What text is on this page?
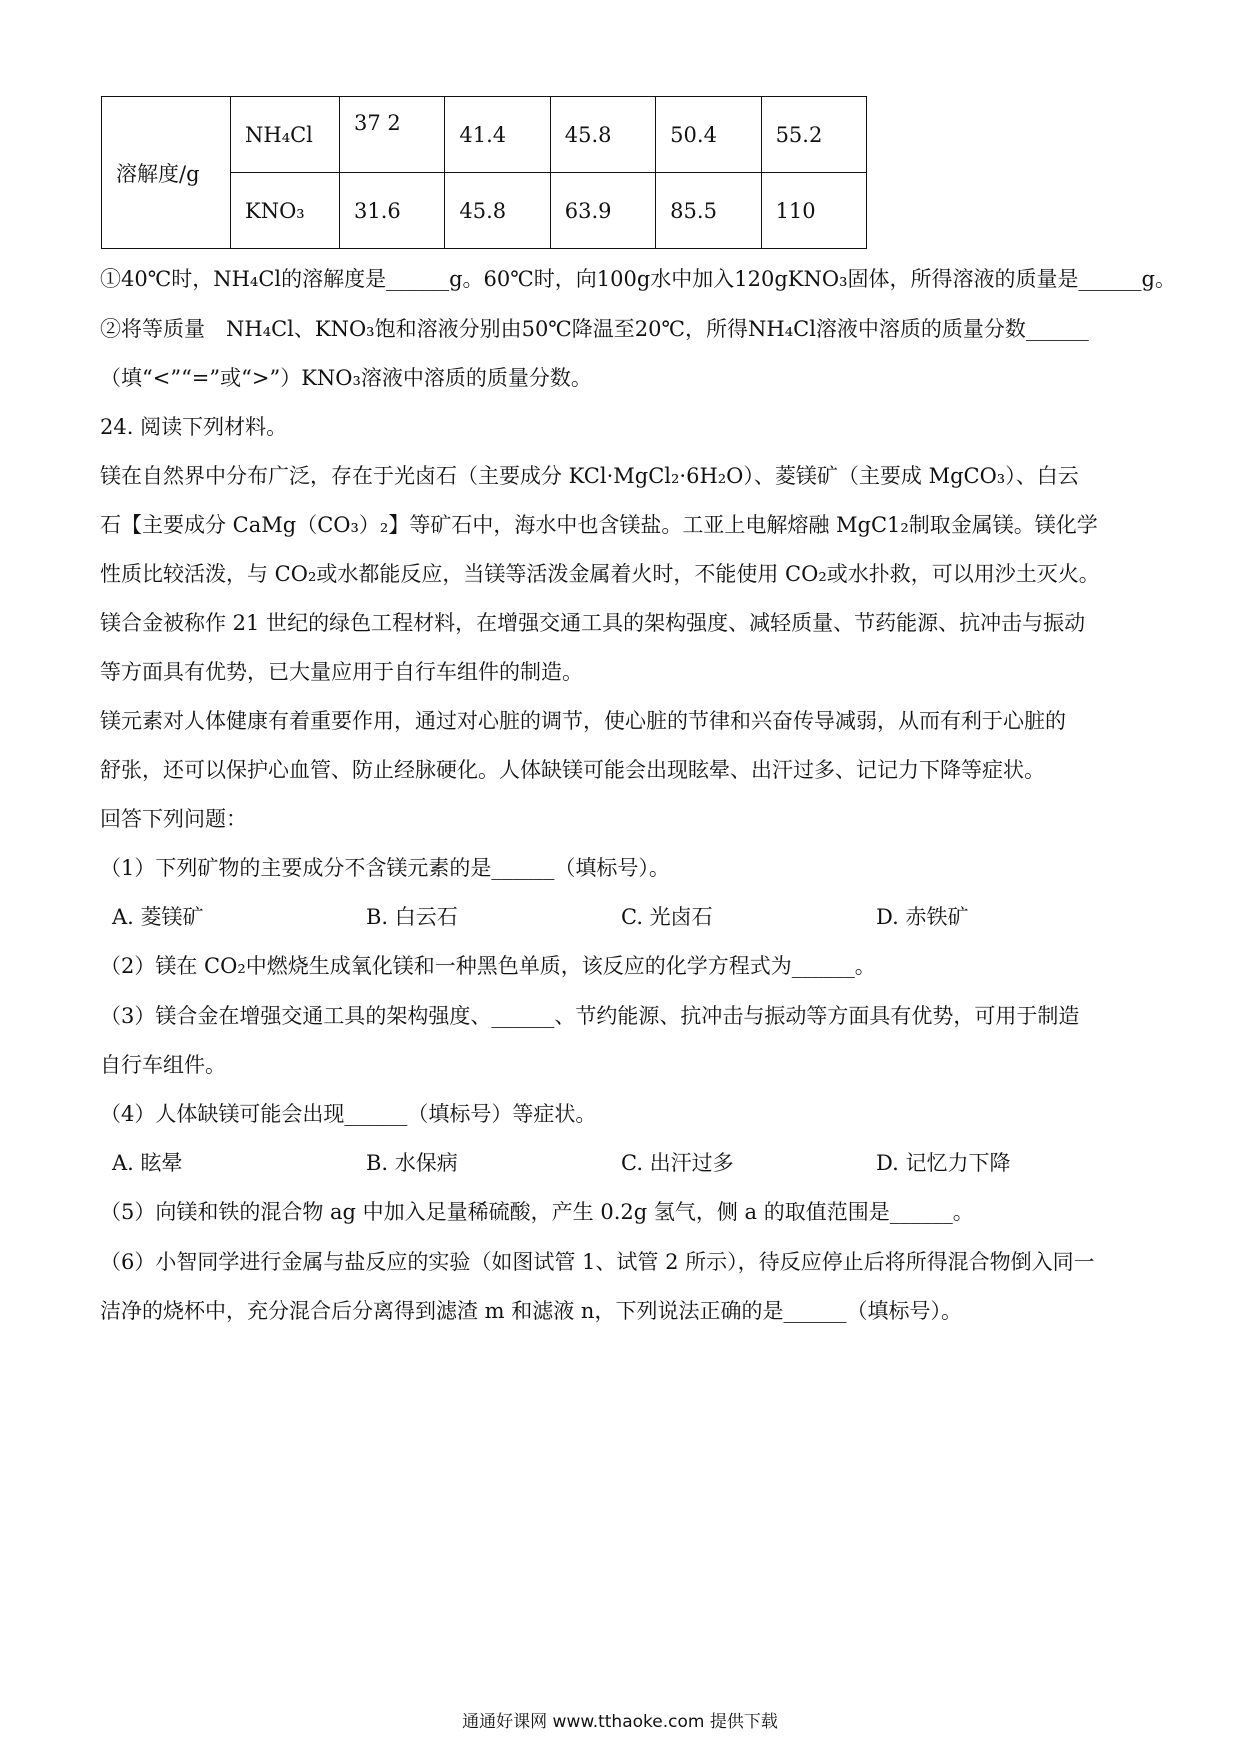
溶解度/g	NH₄Cl	37 2	41.4	45.8	50.4	55.2
	KNO₃	31.6	45.8	63.9	85.5	110
①40℃时，NH₄Cl的溶解度是______g。60℃时，向100g水中加入120gKNO₃固体，所得溶液的质量是______g。
②将等质量　NH₄Cl、KNO₃饱和溶液分别由50℃降温至20℃，所得NH₄Cl溶液中溶质的质量分数______
（填“<”“=”或“>”）KNO₃溶液中溶质的质量分数。
24. 阅读下列材料。
镁在自然界中分布广泛，存在于光卤石（主要成分 KCl·MgCl₂·6H₂O）、菱镁矿（主要成 MgCO₃）、白云
石【主要成分 CaMg（CO₃）₂】等矿石中，海水中也含镁盐。工亚上电解熔融 MgC1₂制取金属镁。镁化学
性质比较活泼，与 CO₂或水都能反应，当镁等活泼金属着火时，不能使用 CO₂或水扑救，可以用沙土灭火。
镁合金被称作 21 世纪的绿色工程材料，在增强交通工具的架构强度、减轻质量、节药能源、抗冲击与振动
等方面具有优势，已大量应用于自行车组件的制造。
镁元素对人体健康有着重要作用，通过对心脏的调节，使心脏的节律和兴奋传导减弱，从而有利于心脏的
舒张，还可以保护心血管、防止经脉硬化。人体缺镁可能会出现眩晕、出汗过多、记记力下降等症状。
回答下列问题：
（1）下列矿物的主要成分不含镁元素的是______（填标号）。
A. 菱镁矿	B. 白云石	C. 光卤石	D. 赤铁矿
（2）镁在 CO₂中燃烧生成氧化镁和一种黑色单质，该反应的化学方程式为______。
（3）镁合金在增强交通工具的架构强度、______、节约能源、抗冲击与振动等方面具有优势，可用于制造
自行车组件。
（4）人体缺镁可能会出现______（填标号）等症状。
A. 眩晕	B. 水保病	C. 出汗过多	D. 记忆力下降
（5）向镁和铁的混合物 ag 中加入足量稀硫酸，产生 0.2g 氢气，侧 a 的取值范围是______。
（6）小智同学进行金属与盐反应的实验（如图试管 1、试管 2 所示），待反应停止后将所得混合物倒入同一
洁净的烧杯中，充分混合后分离得到滤渣 m 和滤液 n，下列说法正确的是______（填标号）。
通通好课网 www.tthaoke.com 提供下载
